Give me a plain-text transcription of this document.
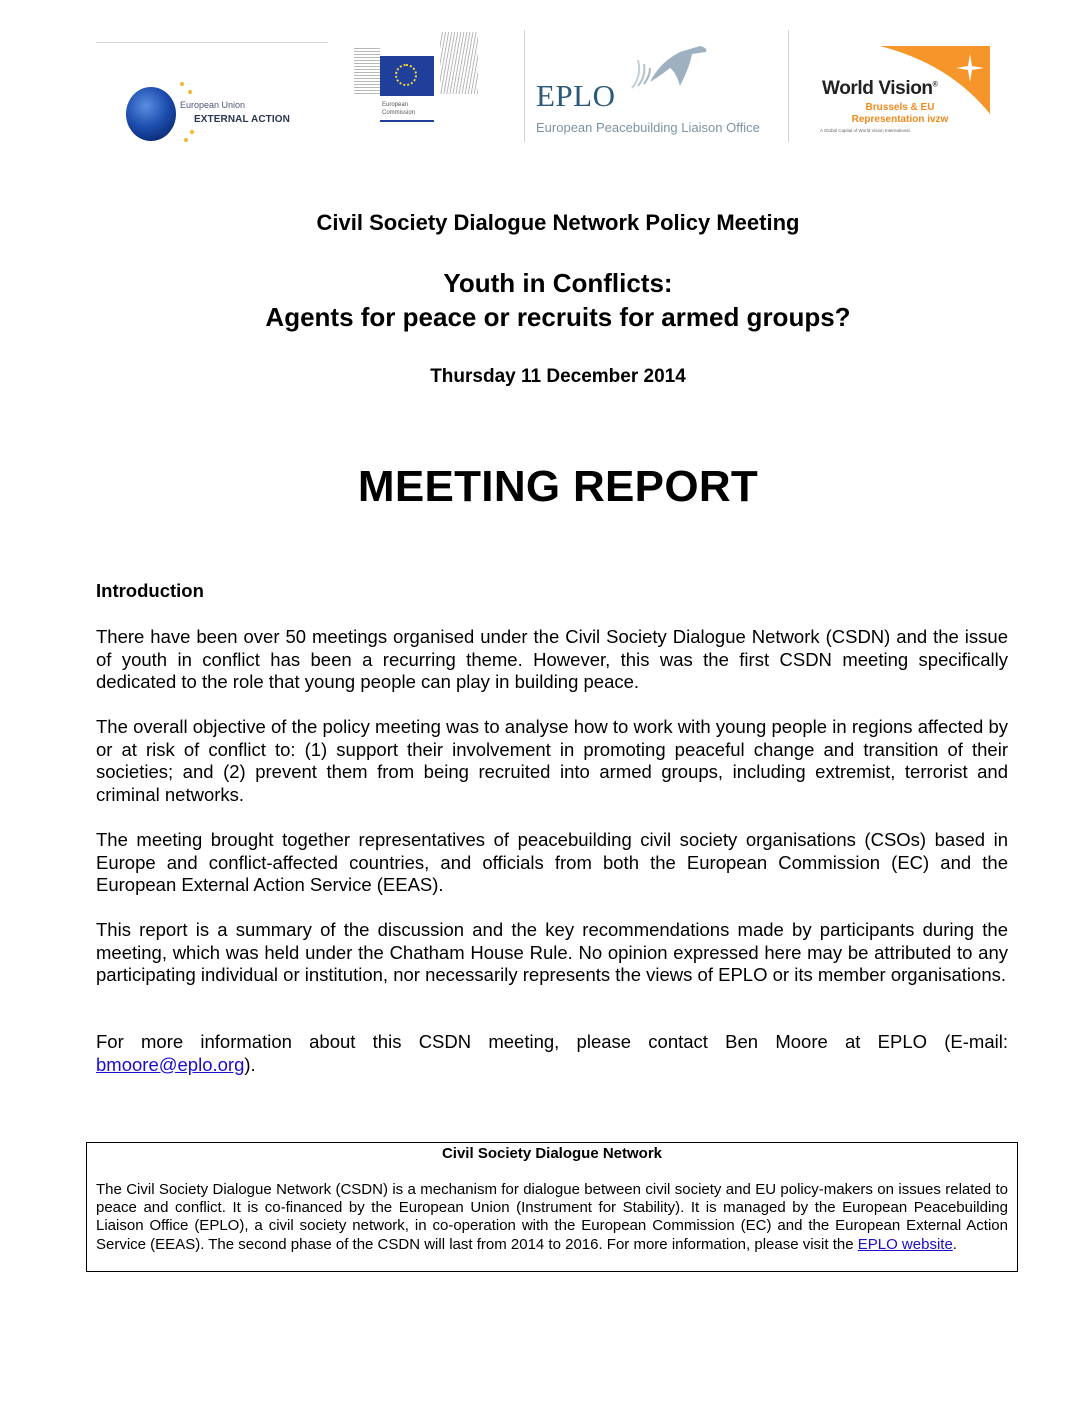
European Union
EXTERNAL ACTION
European
Commission	EPLO
European Peacebuilding Liaison Office
World Vision®
Brussels & EU
Representation ivzw
A Global Capital of World Vision International
Civil Society Dialogue Network Policy Meeting
Youth in Conflicts:
Agents for peace or recruits for armed groups?
Thursday 11 December 2014
MEETING REPORT
Introduction

There have been over 50 meetings organised under the Civil Society Dialogue Network (CSDN) and the issue of youth in conflict has been a recurring theme. However, this was the first CSDN meeting specifically dedicated to the role that young people can play in building peace.

The overall objective of the policy meeting was to analyse how to work with young people in regions affected by or at risk of conflict to: (1) support their involvement in promoting peaceful change and transition of their societies; and (2) prevent them from being recruited into armed groups, including extremist, terrorist and criminal networks.

The meeting brought together representatives of peacebuilding civil society organisations (CSOs) based in Europe and conflict-affected countries, and officials from both the European Commission (EC) and the European External Action Service (EEAS).

This report is a summary of the discussion and the key recommendations made by participants during the meeting, which was held under the Chatham House Rule. No opinion expressed here may be attributed to any participating individual or institution, nor necessarily represents the views of EPLO or its member organisations.

For more information about this CSDN meeting, please contact Ben Moore at EPLO (E-mail: bmoore@eplo.org).

Civil Society Dialogue Network

The Civil Society Dialogue Network (CSDN) is a mechanism for dialogue between civil society and EU policy-makers on issues related to peace and conflict. It is co-financed by the European Union (Instrument for Stability). It is managed by the European Peacebuilding Liaison Office (EPLO), a civil society network, in co-operation with the European Commission (EC) and the European External Action Service (EEAS). The second phase of the CSDN will last from 2014 to 2016. For more information, please visit the EPLO website.
